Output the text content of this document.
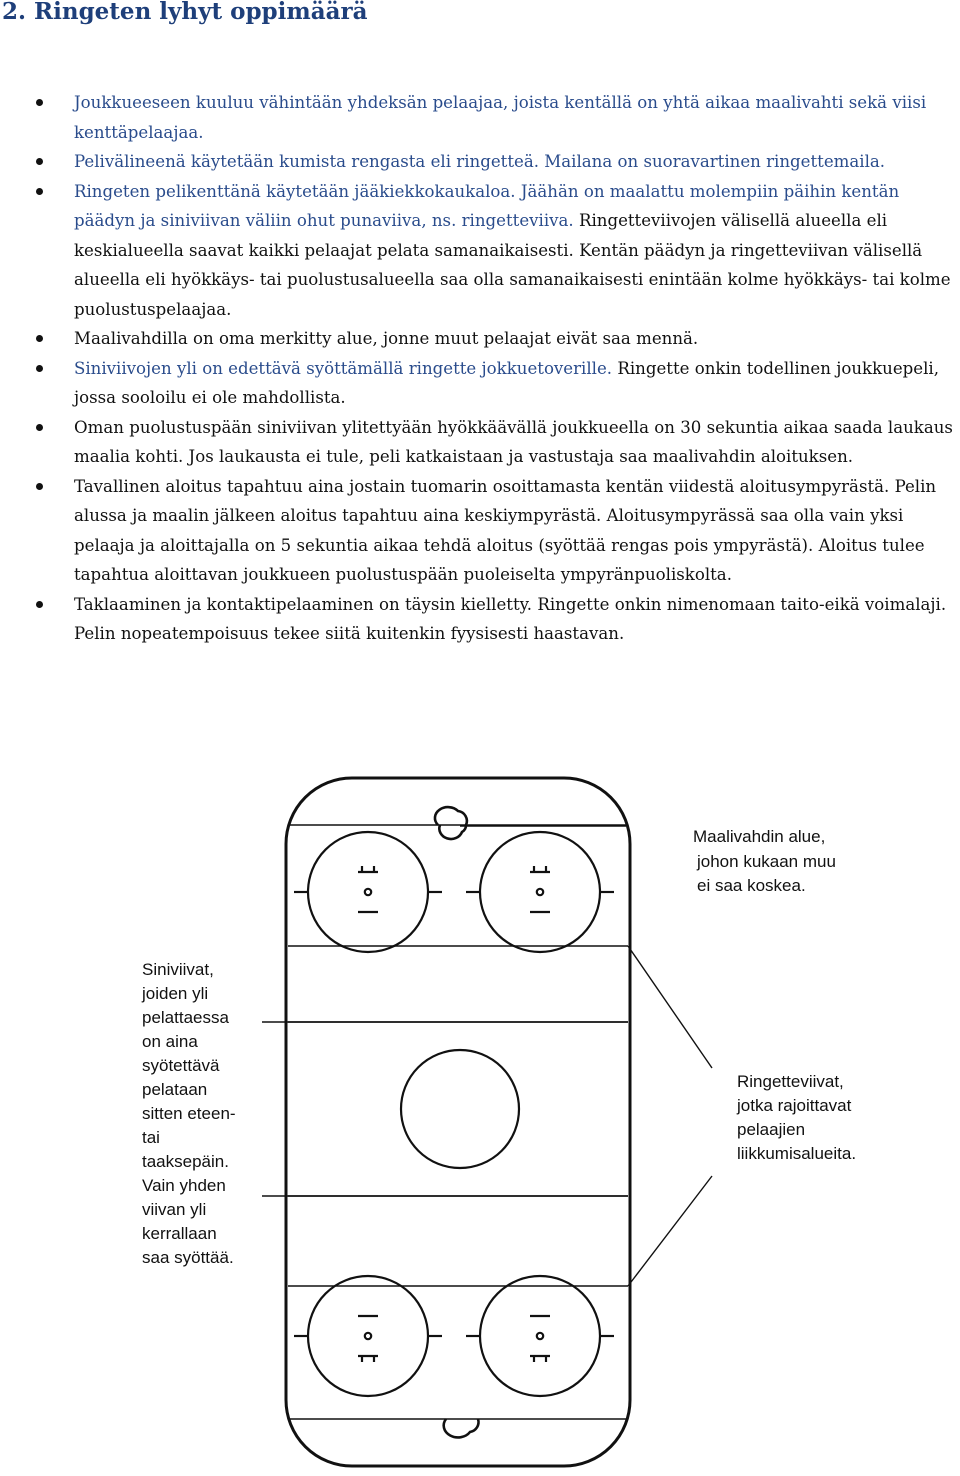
2. Ringeten lyhyt oppimäärä
Joukkueeseen kuuluu vähintään yhdeksän pelaajaa, joista kentällä on yhtä aikaa maalivahti sekä viisi kenttäpelaajaa.
Pelivälineenä käytetään kumista rengasta eli ringetteä. Mailana on suoravartinen ringettemaila.
Ringeten pelikenttänä käytetään jääkiekkokaukaloa. Jäähän on maalattu molempiin päihin kentän päädyn ja siniviivan väliin ohut punaviiva, ns. ringetteviiva. Ringetteviivojen välisellä alueella eli keskialueella saavat kaikki pelaajat pelata samanaikaisesti. Kentän päädyn ja ringetteviivan välisellä alueella eli hyökkäys- tai puolustusalueella saa olla samanaikaisesti enintään kolme hyökkäys- tai kolme puolustuspelaajaa.
Maalivahdilla on oma merkitty alue, jonne muut pelaajat eivät saa mennä.
Siniviivojen yli on edettävä syöttämällä ringette jokkuetoverille. Ringette onkin todellinen joukkuepeli, jossa sooloilu ei ole mahdollista.
Oman puolustuspään siniviivan ylitettyään hyökkäävällä joukkueella on 30 sekuntia aikaa saada laukaus maalia kohti. Jos laukausta ei tule, peli katkaistaan ja vastustaja saa maalivahdin aloituksen.
Tavallinen aloitus tapahtuu aina jostain tuomarin osoittamasta kentän viidestä aloitusympyrästä. Pelin alussa ja maalin jälkeen aloitus tapahtuu aina keskiympyrästä. Aloitusympyrässä saa olla vain yksi pelaaja ja aloittajalla on 5 sekuntia aikaa tehdä aloitus (syöttää rengas pois ympyrästä). Aloitus tulee tapahtua aloittavan joukkueen puolustuspään puoleiselta ympyränpuoliskolta.
Taklaaminen ja kontaktipelaaminen on täysin kielletty. Ringette onkin nimenomaan taito-eikä voimalaji. Pelin nopeatempoisuus tekee siitä kuitenkin fyysisesti haastavan.
Maalivahdin alue, johon kukaan muu ei saa koskea.
Siniviivat, joiden yli pelattaessa on aina syötettävä pelataan sitten eteen- tai taaksepäin. Vain yhden viivan yli kerrallaan saa syöttää.
Ringetteviivat, jotka rajoittavat pelaajien liikkumisalueita.
